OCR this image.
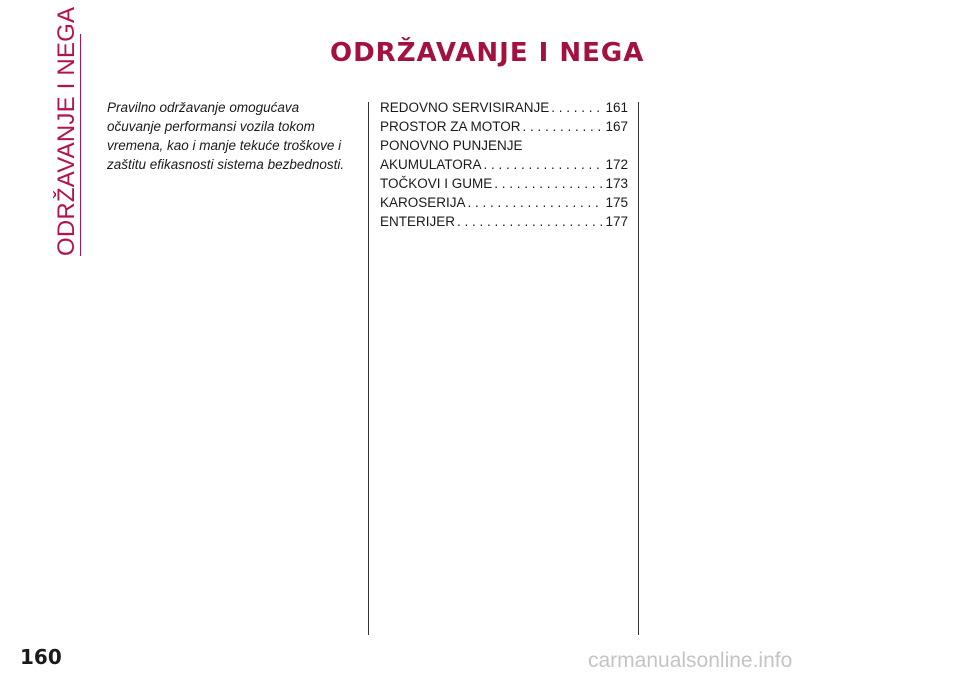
ODRŽAVANJE I NEGA	ODRŽAVANJE I NEGA
Pravilno održavanje omogućava
očuvanje performansi vozila tokom
vremena, kao i manje tekuće troškove i
zaštitu efikasnosti sistema bezbednosti.
REDOVNO SERVISIRANJE . . .	161
PROSTOR ZA MOTOR . . .	167
PONOVNO PUNJENJE
AKUMULATORA . . .	172
TOČKOVI I GUME . . .	173
KAROSERIJA . . .	175
ENTERIJER . . .	177
160	carmanualsonline.info
